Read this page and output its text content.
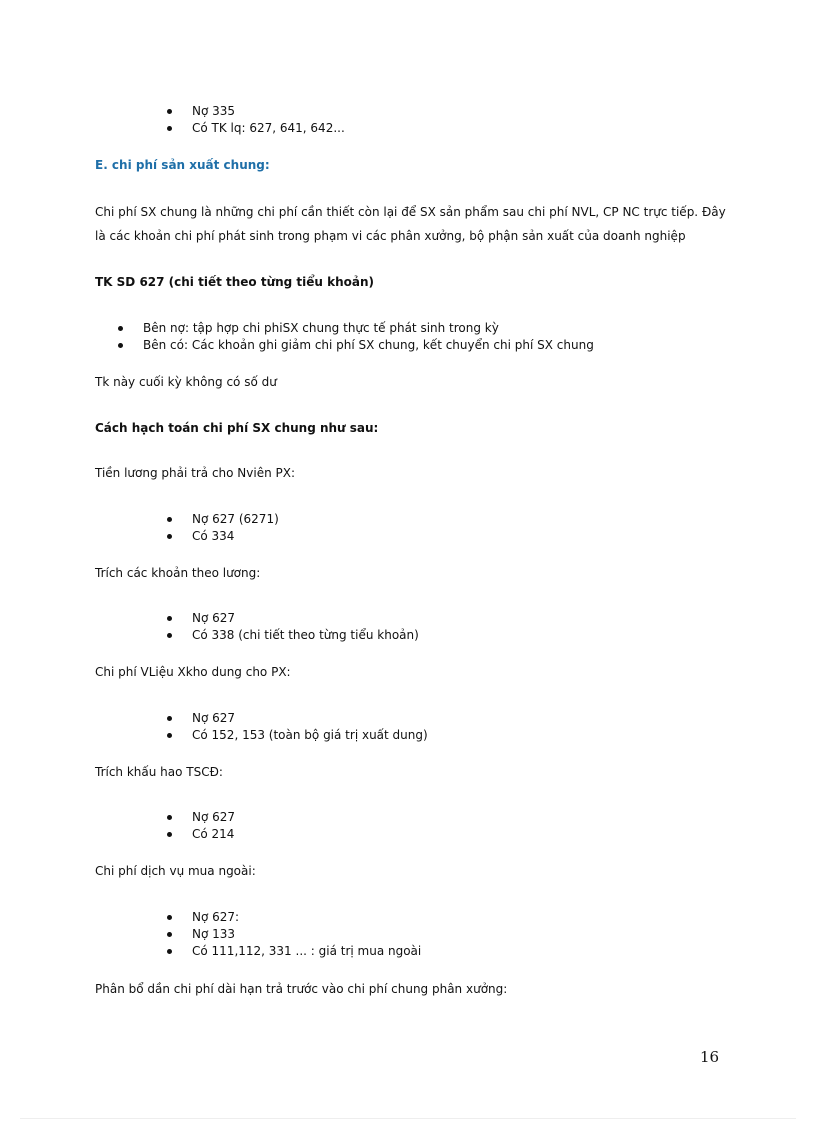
Nợ 335
Có TK lq: 627, 641, 642...
E. chi phí sản xuất chung:
Chi phí SX chung là những chi phí cần thiết còn lại để SX sản phẩm sau chi phí NVL, CP NC trực tiếp. Đây
là các khoản chi phí phát sinh trong phạm vi các phân xưởng, bộ phận sản xuất của doanh nghiệp
TK SD 627 (chi tiết theo từng tiểu khoản)
Bên nợ: tập hợp chi phiSX chung thực tế phát sinh trong kỳ
Bên có: Các khoản ghi giảm chi phí SX chung, kết chuyển chi phí SX chung
Tk này cuối kỳ không có số dư
Cách hạch toán chi phí SX chung như sau:
Tiền lương phải trả cho Nviên PX:
Nợ 627 (6271)
Có 334
Trích các khoản theo lương:
Nợ 627
Có 338 (chi tiết theo từng tiểu khoản)
Chi phí VLiệu Xkho dung cho PX:
Nợ 627
Có 152, 153 (toàn bộ giá trị xuất dung)
Trích khấu hao TSCĐ:
Nợ 627
Có 214
Chi phí dịch vụ mua ngoài:
Nợ 627:
Nợ 133
Có 111,112, 331 ... : giá trị mua ngoài
Phân bổ dần chi phí dài hạn trả trước vào chi phí chung phân xưởng:
16
